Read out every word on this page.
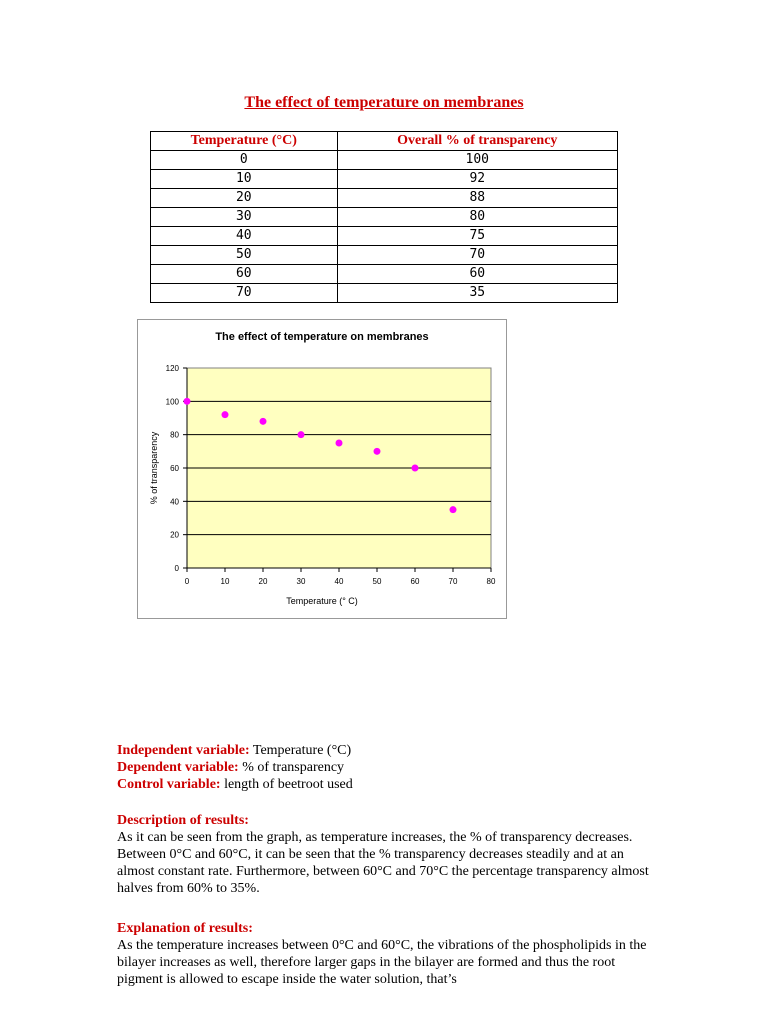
The effect of temperature on membranes
Temperature (°C)	Overall % of transparency
0	100
10	92
20	88
30	80
40	75
50	70
60	60
70	35
The effect of temperature on membranes
Temperature (° C)
% of transparency
0
20
40
60
80
100
120
0	10	20	30	40	50	60	70	80
Independent variable: Temperature (°C)
Dependent variable: % of transparency
Control variable: length of beetroot used
Description of results:
As it can be seen from the graph, as temperature increases, the % of transparency decreases. Between 0°C and 60°C, it can be seen that the % transparency decreases steadily and at an almost constant rate. Furthermore, between 60°C and 70°C the percentage transparency almost halves from 60% to 35%.
Explanation of results:
As the temperature increases between 0°C and 60°C, the vibrations of the phospholipids in the bilayer increases as well, therefore larger gaps in the bilayer are formed and thus the root pigment is allowed to escape inside the water solution, that’s
